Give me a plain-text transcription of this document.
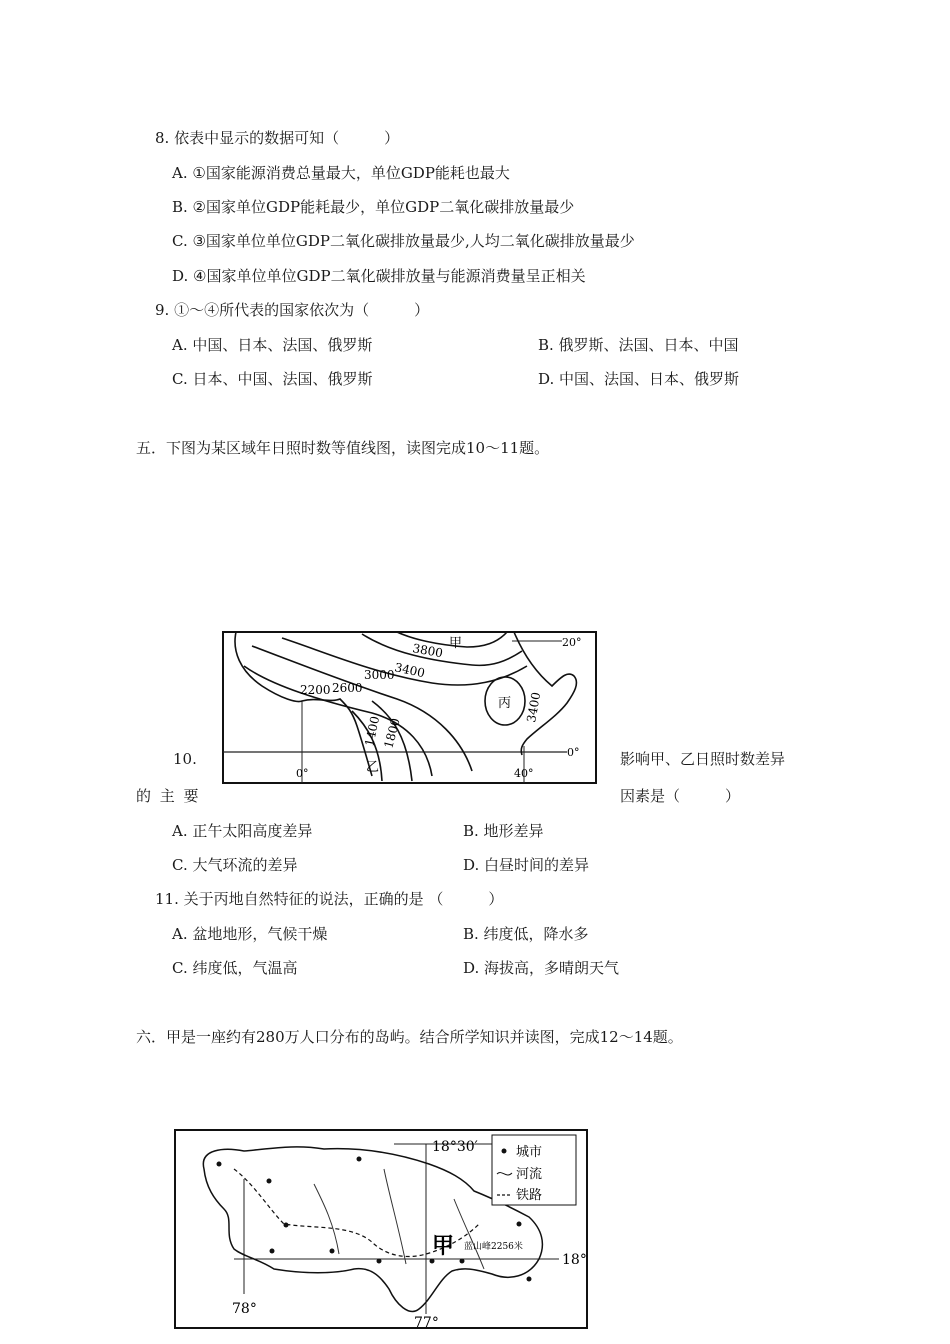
8. 依表中显示的数据可知（　　　）
A. ①国家能源消费总量最大，单位GDP能耗也最大
B. ②国家单位GDP能耗最少，单位GDP二氧化碳排放量最少
C. ③国家单位单位GDP二氧化碳排放量最少,人均二氧化碳排放量最少
D. ④国家单位单位GDP二氧化碳排放量与能源消费量呈正相关
9. ①～④所代表的国家依次为（　　　）
A. 中国、日本、法国、俄罗斯	B. 俄罗斯、法国、日本、中国
C. 日本、中国、法国、俄罗斯	D. 中国、法国、日本、俄罗斯
五．下图为某区域年日照时数等值线图，读图完成10～11题。
3800
3400
3000
2600
2200
1800
1400
3400
甲
乙
丙
20°
0°
0°	40°
10.	影响甲、乙日照时数差异
的 主 要	因素是（　　　）
A. 正午太阳高度差异	B. 地形差异
C. 大气环流的差异	D. 白昼时间的差异
11. 关于丙地自然特征的说法，正确的是 （　　　）
A. 盆地地形，气候干燥	B. 纬度低，降水多
C. 纬度低，气温高	D. 海拔高，多晴朗天气
六．甲是一座约有280万人口分布的岛屿。结合所学知识并读图，完成12～14题。
城市
河流
铁路
18°30′
18°
78°
77°
甲 蓝山峰2256米
